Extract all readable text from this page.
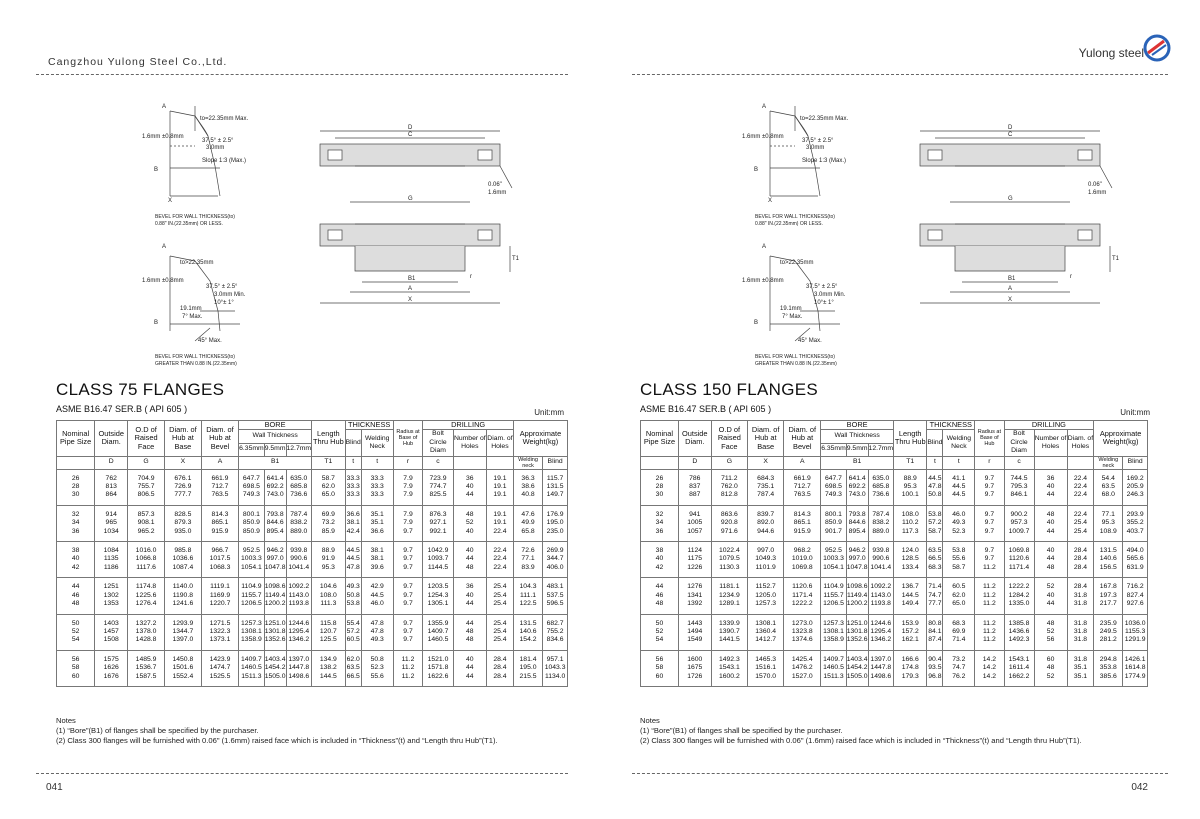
Cangzhou Yulong Steel Co.,Ltd.
041
A
to=22.35mm Max.
1.6mm ±0.8mm
37.5° ± 2.5°
3.0mm
Slope 1:3 (Max.)
B
X
BEVEL FOR WALL THICKNESS(to)
0.88" IN.(22.35mm) OR LESS.
A
to>22.35mm
1.6mm ±0.8mm
37.5° ± 2.5°
3.0mm Min.
10°± 1°
19.1mm
7° Max.
B
45° Max.
BEVEL FOR WALL THICKNESS(to)
GREATER THAN 0.88 IN.(22.35mm)
D
C
G
B1
A
X
T1
r
0.06"
1.6mm
CLASS 75 FLANGES
ASME B16.47 SER.B ( API 605 )	Unit:mm
Nominal Pipe Size	Outside Diam.	O.D of Raised Face	Diam. of Hub at Base	Diam. of Hub at Bevel	BORE			Length Thru Hub	THICKNESS		Radius at Base of Hub	DRILLING			Approximate Weight(kg)	
					Wall Thickness				Blind	Welding Neck		Bolt Circle Diam	Number of Holes	Diam. of Holes		
					6.35mm	9.5mm	12.7mm									
	D	G	X	A	B1			T1	t	t	r	c			Welding neck	Blind
26	762	704.9	676.1	661.9	647.7	641.4	635.0	58.7	33.3	33.3	7.9	723.9	36	19.1	36.3	115.7
28	813	755.7	726.9	712.7	698.5	692.2	685.8	62.0	33.3	33.3	7.9	774.7	40	19.1	38.6	131.5
30	864	806.5	777.7	763.5	749.3	743.0	736.6	65.0	33.3	33.3	7.9	825.5	44	19.1	40.8	149.7
32	914	857.3	828.5	814.3	800.1	793.8	787.4	69.9	36.6	35.1	7.9	876.3	48	19.1	47.6	176.9
34	965	908.1	879.3	865.1	850.9	844.6	838.2	73.2	38.1	35.1	7.9	927.1	52	19.1	49.9	195.0
36	1034	965.2	935.0	915.9	850.9	895.4	889.0	85.9	42.4	36.6	9.7	992.1	40	22.4	65.8	235.0
38	1084	1016.0	985.8	966.7	952.5	946.2	939.8	88.9	44.5	38.1	9.7	1042.9	40	22.4	72.6	269.9
40	1135	1066.8	1036.6	1017.5	1003.3	997.0	990.6	91.9	44.5	38.1	9.7	1093.7	44	22.4	77.1	344.7
42	1186	1117.6	1087.4	1068.3	1054.1	1047.8	1041.4	95.3	47.8	39.6	9.7	1144.5	48	22.4	83.9	406.0
44	1251	1174.8	1140.0	1119.1	1104.9	1098.6	1092.2	104.6	49.3	42.9	9.7	1203.5	36	25.4	104.3	483.1
46	1302	1225.6	1190.8	1169.9	1155.7	1149.4	1143.0	108.0	50.8	44.5	9.7	1254.3	40	25.4	111.1	537.5
48	1353	1276.4	1241.6	1220.7	1206.5	1200.2	1193.8	111.3	53.8	46.0	9.7	1305.1	44	25.4	122.5	596.5
50	1403	1327.2	1293.9	1271.5	1257.3	1251.0	1244.6	115.8	55.4	47.8	9.7	1355.9	44	25.4	131.5	682.7
52	1457	1378.0	1344.7	1322.3	1308.1	1301.8	1295.4	120.7	57.2	47.8	9.7	1409.7	48	25.4	140.6	755.2
54	1508	1428.8	1397.0	1373.1	1358.9	1352.6	1346.2	125.5	60.5	49.3	9.7	1460.5	48	25.4	154.2	834.6
56	1575	1485.9	1450.8	1423.9	1409.7	1403.4	1397.0	134.9	62.0	50.8	11.2	1521.0	40	28.4	181.4	957.1
58	1626	1536.7	1501.6	1474.7	1460.5	1454.2	1447.8	138.2	63.5	52.3	11.2	1571.8	44	28.4	195.0	1043.3
60	1676	1587.5	1552.4	1525.5	1511.3	1505.0	1498.6	144.5	66.5	55.6	11.2	1622.6	44	28.4	215.5	1134.0
Notes
(1) “Bore”(B1) of flanges shall be specified by the purchaser.
(2) Class 300 flanges will be furnished with 0.06" (1.6mm) raised face which is included in “Thickness”(t) and “Length thru Hub”(T1).
Yulong steel
042
A
to=22.35mm Max.
1.6mm ±0.8mm
37.5° ± 2.5°
3.0mm
Slope 1:3 (Max.)
B
X
BEVEL FOR WALL THICKNESS(to)
0.88" IN.(22.35mm) OR LESS.
A
to>22.35mm
1.6mm ±0.8mm
37.5° ± 2.5°
3.0mm Min.
10°± 1°
19.1mm
7° Max.
B
45° Max.
BEVEL FOR WALL THICKNESS(to)
GREATER THAN 0.88 IN.(22.35mm)
D
C
G
B1
A
X
T1
r
0.06"
1.6mm
CLASS 150 FLANGES
ASME B16.47 SER.B ( API 605 )	Unit:mm
Nominal Pipe Size	Outside Diam.	O.D of Raised Face	Diam. of Hub at Base	Diam. of Hub at Bevel	BORE			Length Thru Hub	THICKNESS		Radius at Base of Hub	DRILLING			Approximate Weight(kg)	
					Wall Thickness				Blind	Welding Neck		Bolt Circle Diam	Number of Holes	Diam. of Holes		
					6.35mm	9.5mm	12.7mm									
	D	G	X	A	B1			T1	t	t	r	c			Welding neck	Blind
26	786	711.2	684.3	661.9	647.7	641.4	635.0	88.9	44.5	41.1	9.7	744.5	36	22.4	54.4	169.2
28	837	762.0	735.1	712.7	698.5	692.2	685.8	95.3	47.8	44.5	9.7	795.3	40	22.4	63.5	205.9
30	887	812.8	787.4	763.5	749.3	743.0	736.6	100.1	50.8	44.5	9.7	846.1	44	22.4	68.0	246.3
32	941	863.6	839.7	814.3	800.1	793.8	787.4	108.0	53.8	46.0	9.7	900.2	48	22.4	77.1	293.9
34	1005	920.8	892.0	865.1	850.9	844.6	838.2	110.2	57.2	49.3	9.7	957.3	40	25.4	95.3	355.2
36	1057	971.6	944.6	915.9	901.7	895.4	889.0	117.3	58.7	52.3	9.7	1009.7	44	25.4	108.9	403.7
38	1124	1022.4	997.0	968.2	952.5	946.2	939.8	124.0	63.5	53.8	9.7	1069.8	40	28.4	131.5	494.0
40	1175	1079.5	1049.3	1019.0	1003.3	997.0	990.6	128.5	66.5	55.6	9.7	1120.6	44	28.4	140.6	565.6
42	1226	1130.3	1101.9	1069.8	1054.1	1047.8	1041.4	133.4	68.3	58.7	11.2	1171.4	48	28.4	156.5	631.9
44	1276	1181.1	1152.7	1120.6	1104.9	1098.6	1092.2	136.7	71.4	60.5	11.2	1222.2	52	28.4	167.8	716.2
46	1341	1234.9	1205.0	1171.4	1155.7	1149.4	1143.0	144.5	74.7	62.0	11.2	1284.2	40	31.8	197.3	827.4
48	1392	1289.1	1257.3	1222.2	1206.5	1200.2	1193.8	149.4	77.7	65.0	11.2	1335.0	44	31.8	217.7	927.6
50	1443	1339.9	1308.1	1273.0	1257.3	1251.0	1244.6	153.9	80.8	68.3	11.2	1385.8	48	31.8	235.9	1036.0
52	1494	1390.7	1360.4	1323.8	1308.1	1301.8	1295.4	157.2	84.1	69.9	11.2	1436.6	52	31.8	249.5	1155.3
54	1549	1441.5	1412.7	1374.6	1358.9	1352.6	1346.2	162.1	87.4	71.4	11.2	1492.3	56	31.8	281.2	1291.9
56	1600	1492.3	1465.3	1425.4	1409.7	1403.4	1397.0	166.6	90.4	73.2	14.2	1543.1	60	31.8	294.8	1426.1
58	1675	1543.1	1516.1	1476.2	1460.5	1454.2	1447.8	174.8	93.5	74.7	14.2	1611.4	48	35.1	353.8	1614.8
60	1726	1600.2	1570.0	1527.0	1511.3	1505.0	1498.6	179.3	96.8	76.2	14.2	1662.2	52	35.1	385.6	1774.9
Notes
(1) “Bore”(B1) of flanges shall be specified by the purchaser.
(2) Class 300 flanges will be furnished with 0.06" (1.6mm) raised face which is included in “Thickness”(t) and “Length thru Hub”(T1).
